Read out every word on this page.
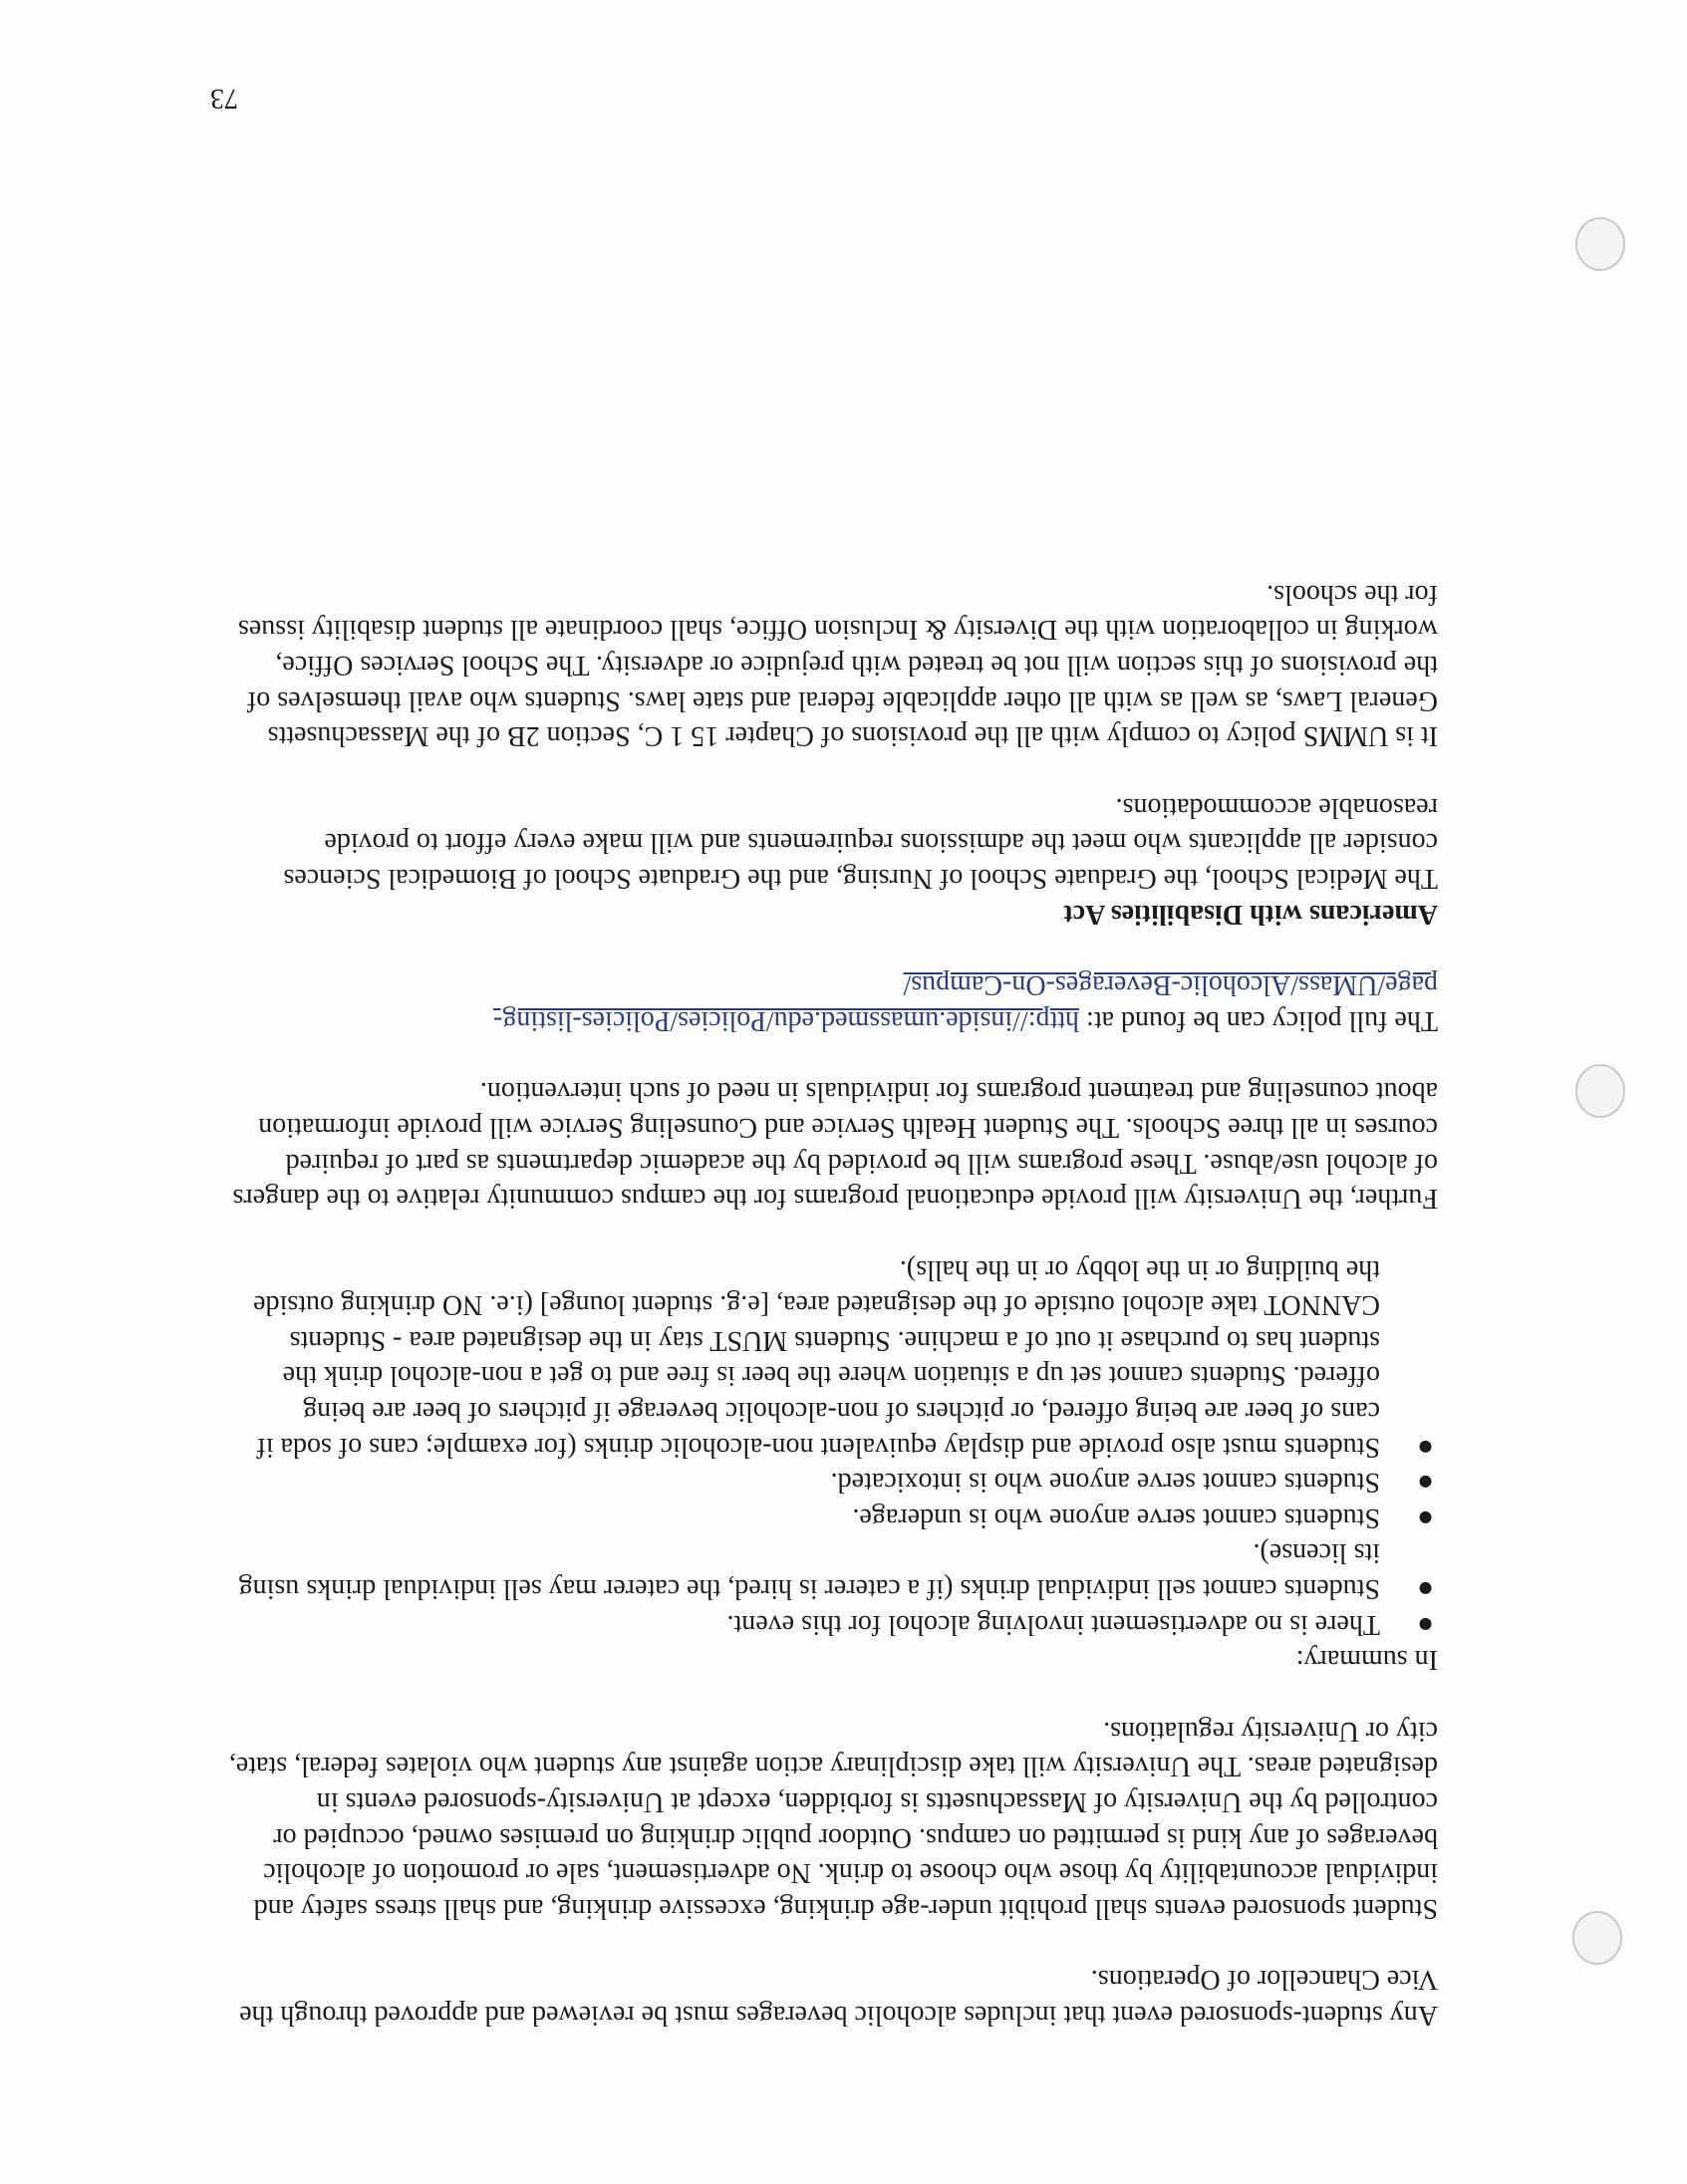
Any student-sponsored event that includes alcoholic beverages must be reviewed and approved through the Vice Chancellor of Operations.

Student sponsored events shall prohibit under-age drinking, excessive drinking, and shall stress safety and individual accountability by those who choose to drink. No advertisement, sale or promotion of alcoholic beverages of any kind is permitted on campus. Outdoor public drinking on premises owned, occupied or controlled by the University of Massachusetts is forbidden, except at University-sponsored events in designated areas. The University will take disciplinary action against any student who violates federal, state, city or University regulations.

In summary:

●
There is no advertisement involving alcohol for this event.
●
Students cannot sell individual drinks (if a caterer is hired, the caterer may sell individual drinks using its license).
●
Students cannot serve anyone who is underage.
●
Students cannot serve anyone who is intoxicated.
●
Students must also provide and display equivalent non-alcoholic drinks (for example; cans of soda if cans of beer are being offered, or pitchers of non-alcoholic beverage if pitchers of beer are being offered. Students cannot set up a situation where the beer is free and to get a non-alcohol drink the student has to purchase it out of a machine. Students MUST stay in the designated area - Students CANNOT take alcohol outside of the designated area, [e.g. student lounge] (i.e. NO drinking outside the building or in the lobby or in the halls).

Further, the University will provide educational programs for the campus community relative to the dangers of alcohol use/abuse. These programs will be provided by the academic departments as part of required courses in all three Schools. The Student Health Service and Counseling Service will provide information about counseling and treatment programs for individuals in need of such intervention.

The full policy can be found at: http://inside.umassmed.edu/Policies/Policies-listing-page/UMass/Alcoholic-Beverages-On-Campus/

Americans with Disabilities Act

The Medical School, the Graduate School of Nursing, and the Graduate School of Biomedical Sciences consider all applicants who meet the admissions requirements and will make every effort to provide reasonable accommodations.

It is UMMS policy to comply with all the provisions of Chapter 15 1 C, Section 2B of the Massachusetts General Laws, as well as with all other applicable federal and state laws. Students who avail themselves of the provisions of this section will not be treated with prejudice or adversity. The School Services Office, working in collaboration with the Diversity & Inclusion Office, shall coordinate all student disability issues for the schools.

73
